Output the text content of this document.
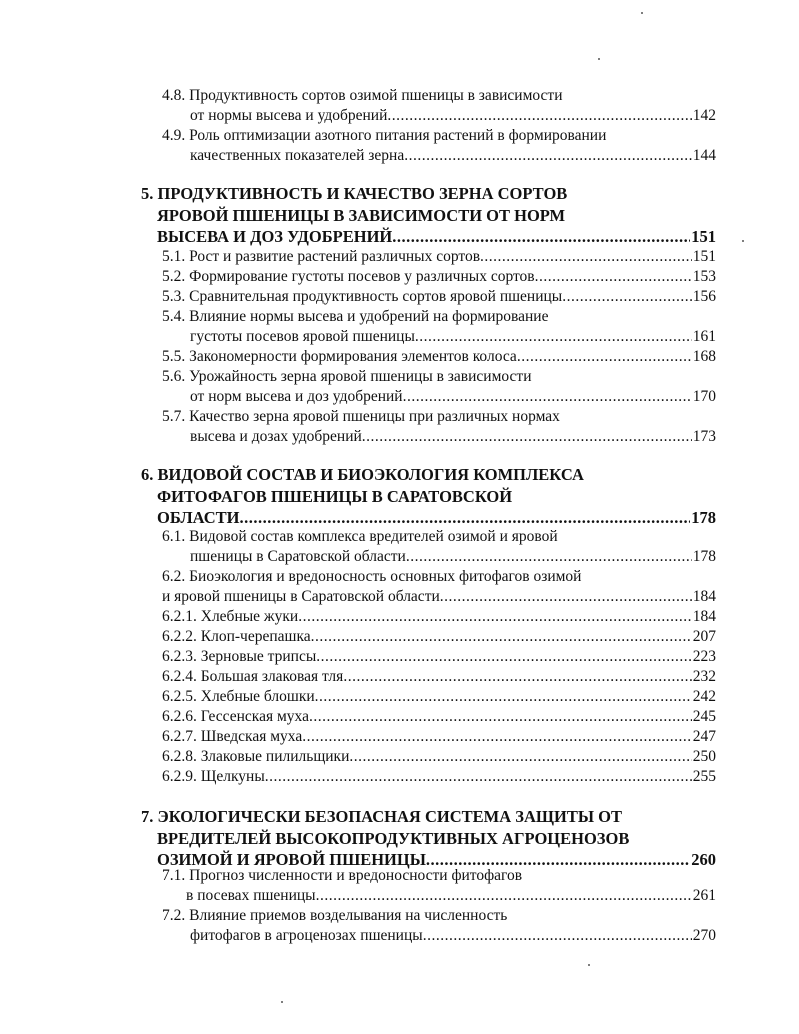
4.8. Продуктивность сортов озимой пшеницы в зависимости
от нормы высева и удобрений .....	142
4.9. Роль оптимизации азотного питания растений в формировании
качественных показателей зерна .....	144
5. ПРОДУКТИВНОСТЬ И КАЧЕСТВО ЗЕРНА СОРТОВ
ЯРОВОЙ ПШЕНИЦЫ В ЗАВИСИМОСТИ ОТ НОРМ
ВЫСЕВА И ДОЗ УДОБРЕНИЙ .....	151
5.1. Рост и развитие растений различных сортов .....	151
5.2. Формирование густоты посевов у различных сортов .....	153
5.3. Сравнительная продуктивность сортов яровой пшеницы .....	156
5.4. Влияние нормы высева и удобрений на формирование
густоты посевов яровой пшеницы .....	161
5.5. Закономерности формирования элементов колоса .....	168
5.6. Урожайность зерна яровой пшеницы в зависимости
от норм высева и доз удобрений .....	170
5.7. Качество зерна яровой пшеницы при различных нормах
высева и дозах удобрений .....	173
6. ВИДОВОЙ СОСТАВ И БИОЭКОЛОГИЯ КОМПЛЕКСА
ФИТОФАГОВ ПШЕНИЦЫ В САРАТОВСКОЙ
ОБЛАСТИ .....	178
6.1. Видовой состав комплекса вредителей озимой и яровой
пшеницы в Саратовской области .....	178
6.2. Биоэкология и вредоносность основных фитофагов озимой
и яровой пшеницы в Саратовской области .....	184
6.2.1. Хлебные жуки .....	184
6.2.2. Клоп-черепашка .....	207
6.2.3. Зерновые трипсы .....	223
6.2.4. Большая злаковая тля .....	232
6.2.5. Хлебные блошки .....	242
6.2.6. Гессенская муха .....	245
6.2.7. Шведская муха .....	247
6.2.8. Злаковые пилильщики .....	250
6.2.9. Щелкуны .....	255
7. ЭКОЛОГИЧЕСКИ БЕЗОПАСНАЯ СИСТЕМА ЗАЩИТЫ ОТ
ВРЕДИТЕЛЕЙ ВЫСОКОПРОДУКТИВНЫХ АГРОЦЕНОЗОВ
ОЗИМОЙ И ЯРОВОЙ ПШЕНИЦЫ .....	260
7.1. Прогноз численности и вредоносности фитофагов
в посевах пшеницы .....	261
7.2. Влияние приемов возделывания на численность
фитофагов в агроценозах пшеницы .....	270
